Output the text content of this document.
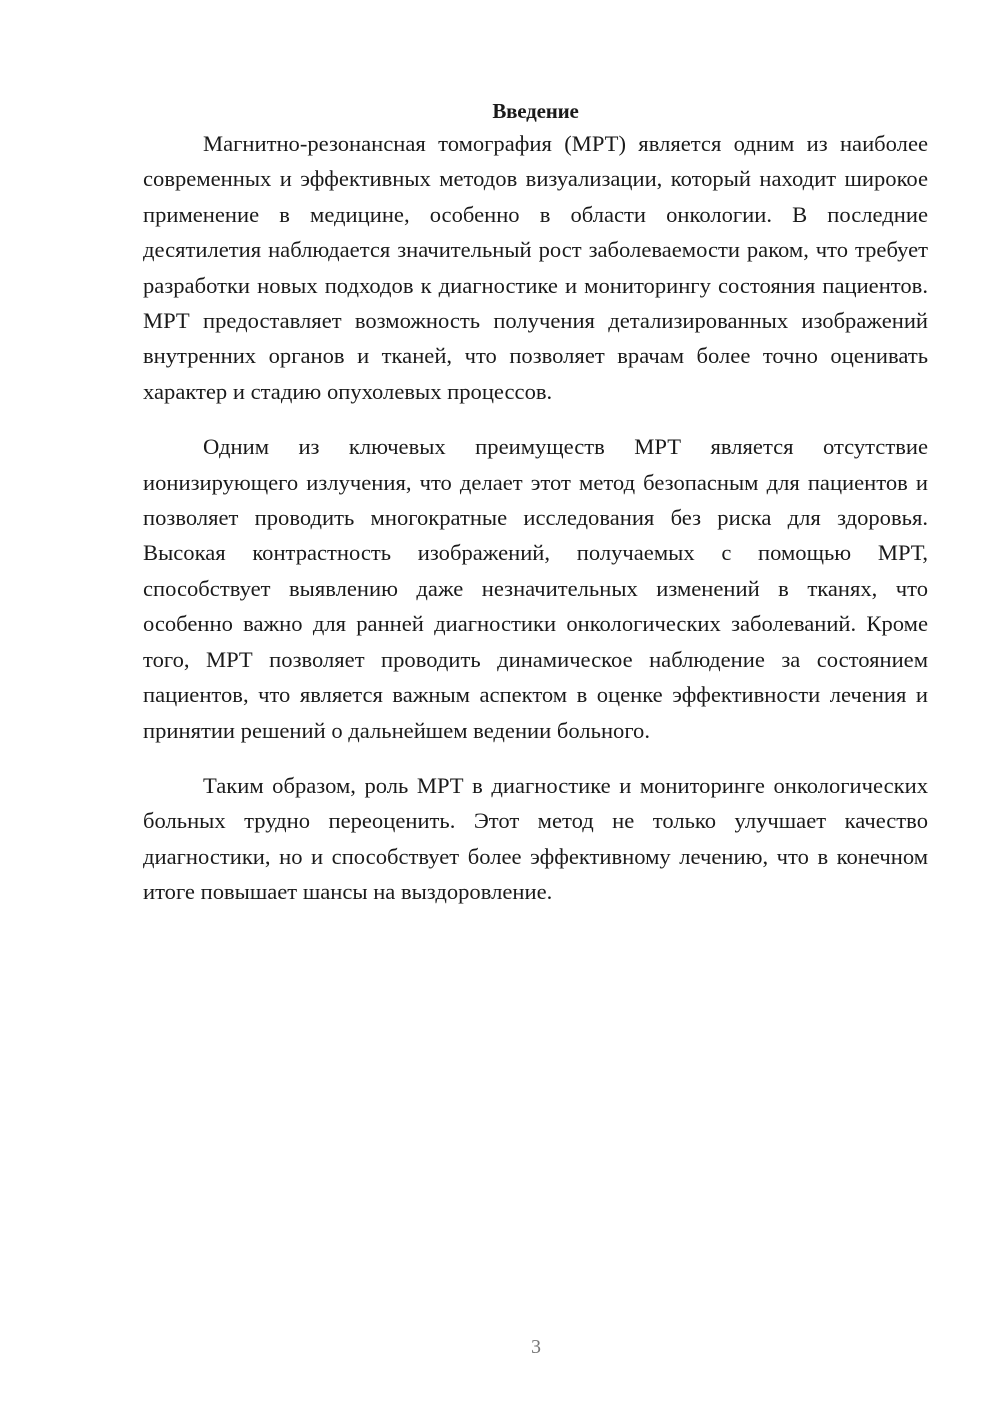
Введение

Магнитно-резонансная томография (МРТ) является одним из наиболее современных и эффективных методов визуализации, который находит широкое применение в медицине, особенно в области онкологии. В последние десятилетия наблюдается значительный рост заболеваемости раком, что требует разработки новых подходов к диагностике и мониторингу состояния пациентов. МРТ предоставляет возможность получения детализированных изображений внутренних органов и тканей, что позволяет врачам более точно оценивать характер и стадию опухолевых процессов.

Одним из ключевых преимуществ МРТ является отсутствие ионизирующего излучения, что делает этот метод безопасным для пациентов и позволяет проводить многократные исследования без риска для здоровья. Высокая контрастность изображений, получаемых с помощью МРТ, способствует выявлению даже незначительных изменений в тканях, что особенно важно для ранней диагностики онкологических заболеваний. Кроме того, МРТ позволяет проводить динамическое наблюдение за состоянием пациентов, что является важным аспектом в оценке эффективности лечения и принятии решений о дальнейшем ведении больного.

Таким образом, роль МРТ в диагностике и мониторинге онкологических больных трудно переоценить. Этот метод не только улучшает качество диагностики, но и способствует более эффективному лечению, что в конечном итоге повышает шансы на выздоровление.

3
